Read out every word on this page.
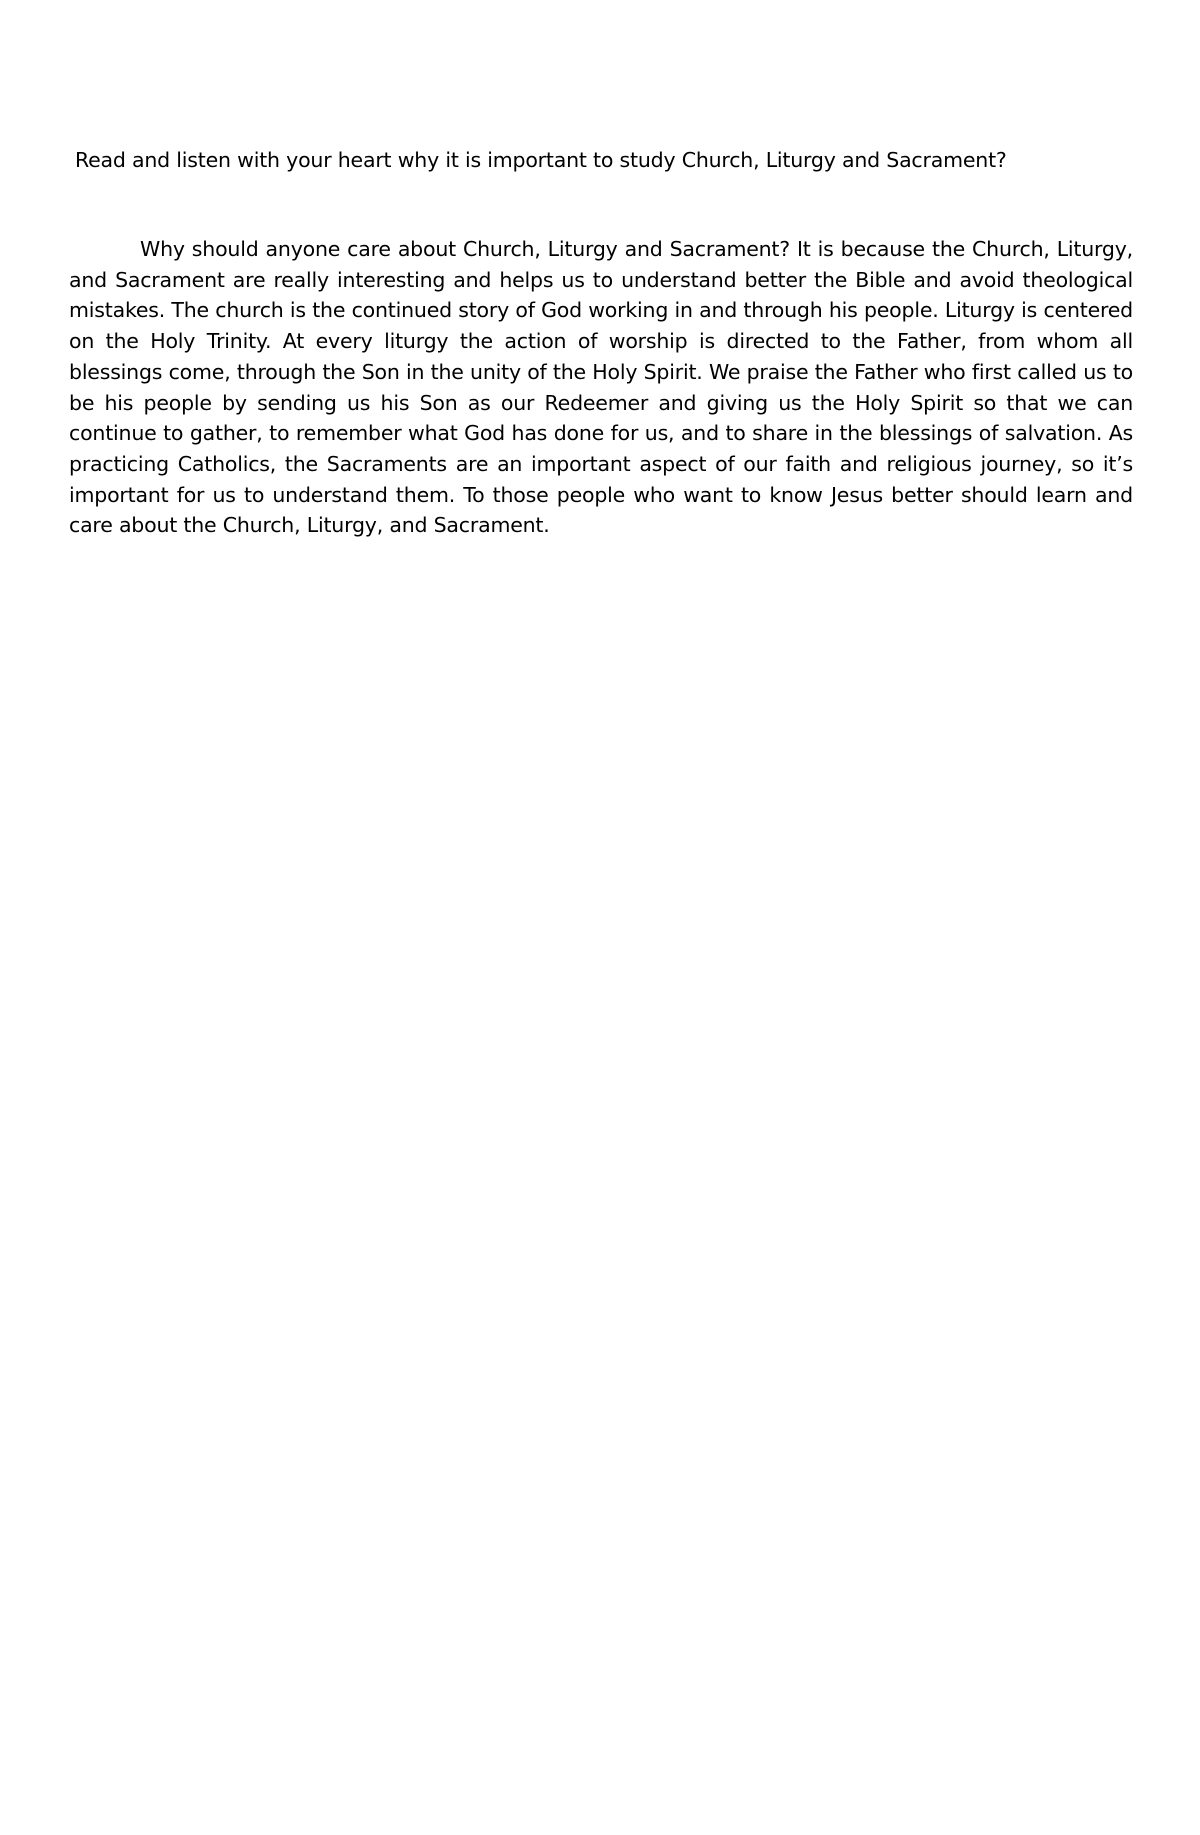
Read and listen with your heart why it is important to study Church, Liturgy and Sacrament?

Why should anyone care about Church, Liturgy and Sacrament? It is because the Church, Liturgy, and Sacrament are really interesting and helps us to understand better the Bible and avoid theological mistakes. The church is the continued story of God working in and through his people. Liturgy is centered on the Holy Trinity. At every liturgy the action of worship is directed to the Father, from whom all blessings come, through the Son in the unity of the Holy Spirit. We praise the Father who first called us to be his people by sending us his Son as our Redeemer and giving us the Holy Spirit so that we can continue to gather, to remember what God has done for us, and to share in the blessings of salvation. As practicing Catholics, the Sacraments are an important aspect of our faith and religious journey, so it’s important for us to understand them. To those people who want to know Jesus better should learn and care about the Church, Liturgy, and Sacrament.
